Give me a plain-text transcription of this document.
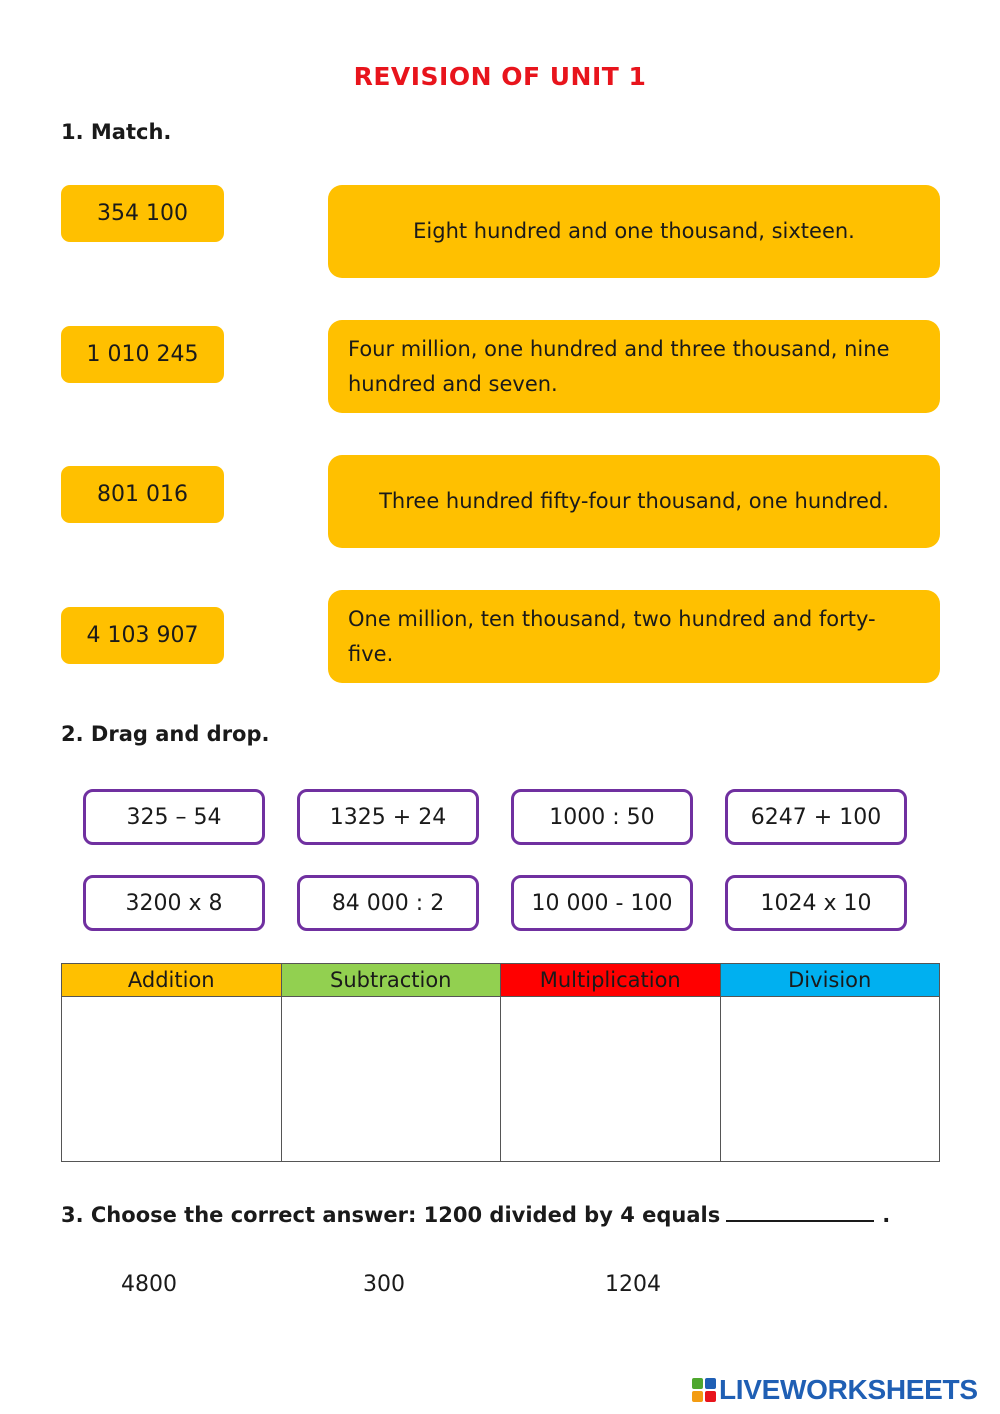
REVISION OF UNIT 1
1. Match.
354 100
1 010 245
801 016
4 103 907
Eight hundred and one thousand, sixteen.
Four million, one hundred and three thousand, nine hundred and seven.
Three hundred fifty-four thousand, one hundred.
One million, ten thousand, two hundred and forty-five.
2. Drag and drop.
325 – 54	1325 + 24	1000 : 50	6247 + 100
3200 x 8	84 000 : 2	10 000 - 100	1024 x 10
Addition	Subtraction	Multiplication	Division

3. Choose the correct answer: 1200 divided by 4 equals	.
4800	300	1204
LIVEWORKSHEETS
